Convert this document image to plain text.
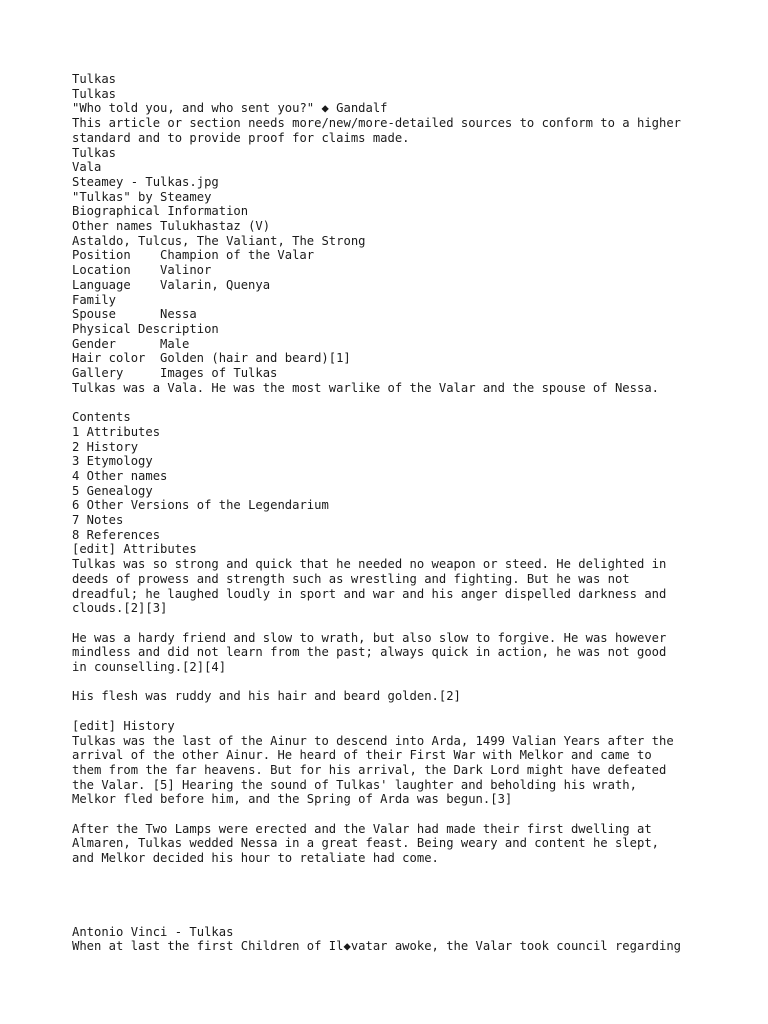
Tulkas
Tulkas
"Who told you, and who sent you?" ◆ Gandalf
This article or section needs more/new/more-detailed sources to conform to a higher
standard and to provide proof for claims made.
Tulkas
Vala
Steamey - Tulkas.jpg
"Tulkas" by Steamey
Biographical Information
Other names Tulukhastaz (V)
Astaldo, Tulcus, The Valiant, The Strong
Position Champion of the Valar
Location Valinor
Language Valarin, Quenya
Family
Spouse	Nessa
Physical Description
Gender	Male
Hair color Golden (hair and beard)[1]
Gallery	Images of Tulkas
Tulkas was a Vala. He was the most warlike of the Valar and the spouse of Nessa.
Contents
1 Attributes
2 History
3 Etymology
4 Other names
5 Genealogy
6 Other Versions of the Legendarium
7 Notes
8 References
[edit] Attributes
Tulkas was so strong and quick that he needed no weapon or steed. He delighted in
deeds of prowess and strength such as wrestling and fighting. But he was not
dreadful; he laughed loudly in sport and war and his anger dispelled darkness and
clouds.[2][3]
He was a hardy friend and slow to wrath, but also slow to forgive. He was however
mindless and did not learn from the past; always quick in action, he was not good
in counselling.[2][4]
His flesh was ruddy and his hair and beard golden.[2]
[edit] History
Tulkas was the last of the Ainur to descend into Arda, 1499 Valian Years after the
arrival of the other Ainur. He heard of their First War with Melkor and came to
them from the far heavens. But for his arrival, the Dark Lord might have defeated
the Valar. [5] Hearing the sound of Tulkas' laughter and beholding his wrath,
Melkor fled before him, and the Spring of Arda was begun.[3]
After the Two Lamps were erected and the Valar had made their first dwelling at
Almaren, Tulkas wedded Nessa in a great feast. Being weary and content he slept,
and Melkor decided his hour to retaliate had come.
Antonio Vinci - Tulkas
When at last the first Children of Il◆vatar awoke, the Valar took council regarding
